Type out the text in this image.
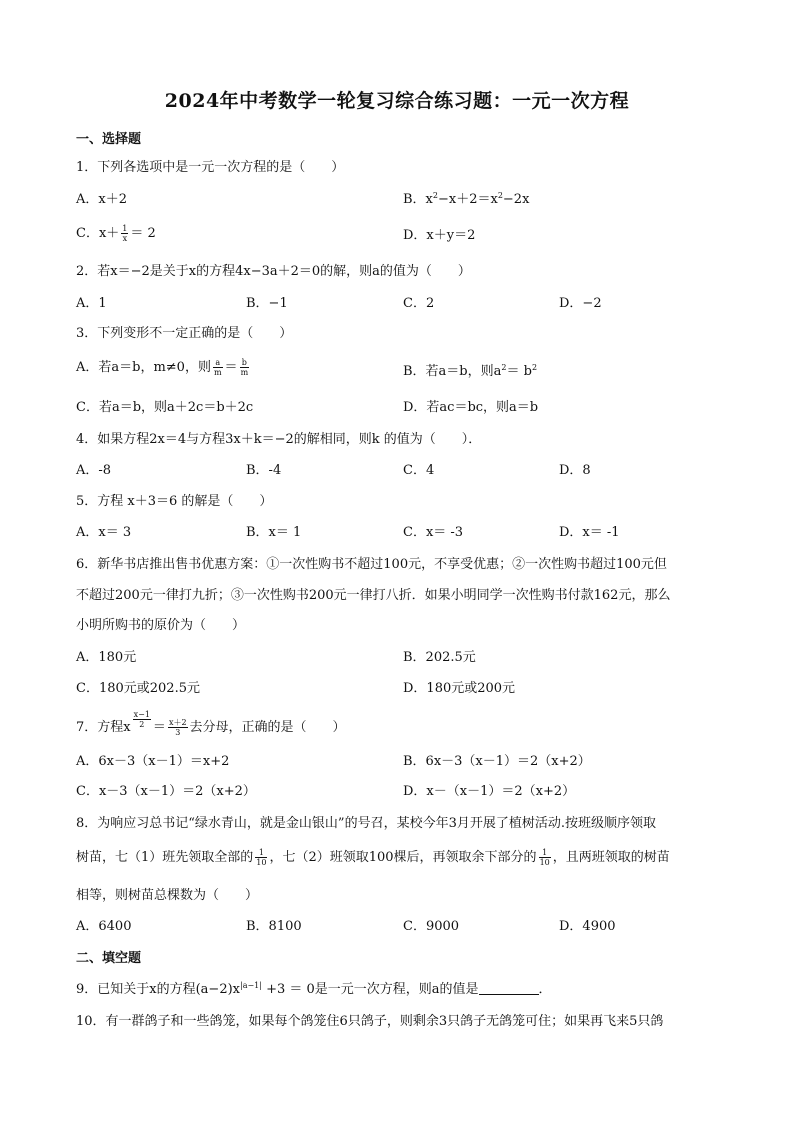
2024年中考数学一轮复习综合练习题：一元一次方程
一、选择题
1．下列各选项中是一元一次方程的是（　　）
A．x＋2	B．$x^2-x+2=x^2-2x$
C．$x+ \frac{1}{x} = 2$	D．x＋y＝2
2．若x＝−2是关于x的方程4x−3a＋2＝0的解，则a的值为（　　）
A．1	B．−1	C．2	D．−2
3．下列变形不一定正确的是（　　）
A．若a＝b，m≠0，则 $\frac{a}{m} = \frac{b}{m}$	B．若a＝b，则$a^2= b^2$
C．若a＝b，则a＋2c＝b＋2c	D．若ac＝bc，则a＝b
4．如果方程2x＝4与方程3x＋k＝−2的解相同，则k 的值为（　　）．
A．-8	B．-4	C．4	D．8
5．方程 x＋3＝6 的解是（　　）
A．x＝ 3	B．x＝ 1	C．x＝ -3	D．x＝ -1
6．新华书店推出售书优惠方案：①一次性购书不超过100元，不享受优惠；②一次性购书超过100元但
不超过200元一律打九折；③一次性购书200元一律打八折．如果小明同学一次性购书付款162元，那么
小明所购书的原价为（　　）
A．180元	B．202.5元
C．180元或202.5元	D．180元或200元
7．方程x $\frac{x-1}{2} = \frac{x+2}{3}$ 去分母，正确的是（　　）
A．6x－3（x－1）＝x+2	B．6x－3（x－1）＝2（x+2）
C．x－3（x－1）＝2（x+2）	D．x－（x－1）＝2（x+2）
8．为响应习总书记“绿水青山，就是金山银山”的号召，某校今年3月开展了植树活动.按班级顺序领取
树苗，七（1）班先领取全部的 $\frac{1}{10}$ ，七（2）班领取100棵后，再领取余下部分的 $\frac{1}{10}$ ，且两班领取的树苗
相等，则树苗总棵数为（　　）
A．6400	B．8100	C．9000	D．4900
二、填空题
9．已知关于x的方程$(a-2)x^{|a-1|} +3 = 0$是一元一次方程，则a的值是	．
10．有一群鸽子和一些鸽笼，如果每个鸽笼住6只鸽子，则剩余3只鸽子无鸽笼可住；如果再飞来5只鸽
